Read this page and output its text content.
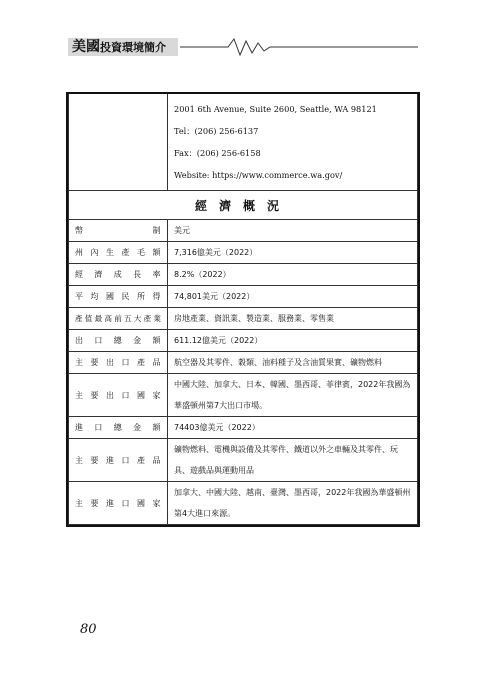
美國投資環境簡介

	2001 6th Avenue, Suite 2600, Seattle, WA 98121
Tel：(206) 256-6137
Fax：(206) 256-6158
Website: https://www.commerce.wa.gov/

經濟概況	
幣制	美元
州內生產毛額	7,316億美元（2022）
經濟成長率	8.2%（2022）
平均國民所得	74,801美元（2022）
產值最高前五大產業	房地產業、資訊業、製造業、服務業、零售業
出口總金額	611.12億美元（2022）
主要出口產品	航空器及其零件、穀類、油料種子及含油質果實、礦物燃料
主要出口國家	中國大陸、加拿大、日本、韓國、墨西哥、菲律賓，2022年我國為華盛頓州第7大出口市場。
進口總金額	74403億美元（2022）
主要進口產品	礦物燃料、電機與設備及其零件、鐵道以外之車輛及其零件、玩具、遊戲品與運動用品
主要進口國家	加拿大、中國大陸、越南、臺灣、墨西哥，2022年我國為華盛頓州第4大進口來源。
80
